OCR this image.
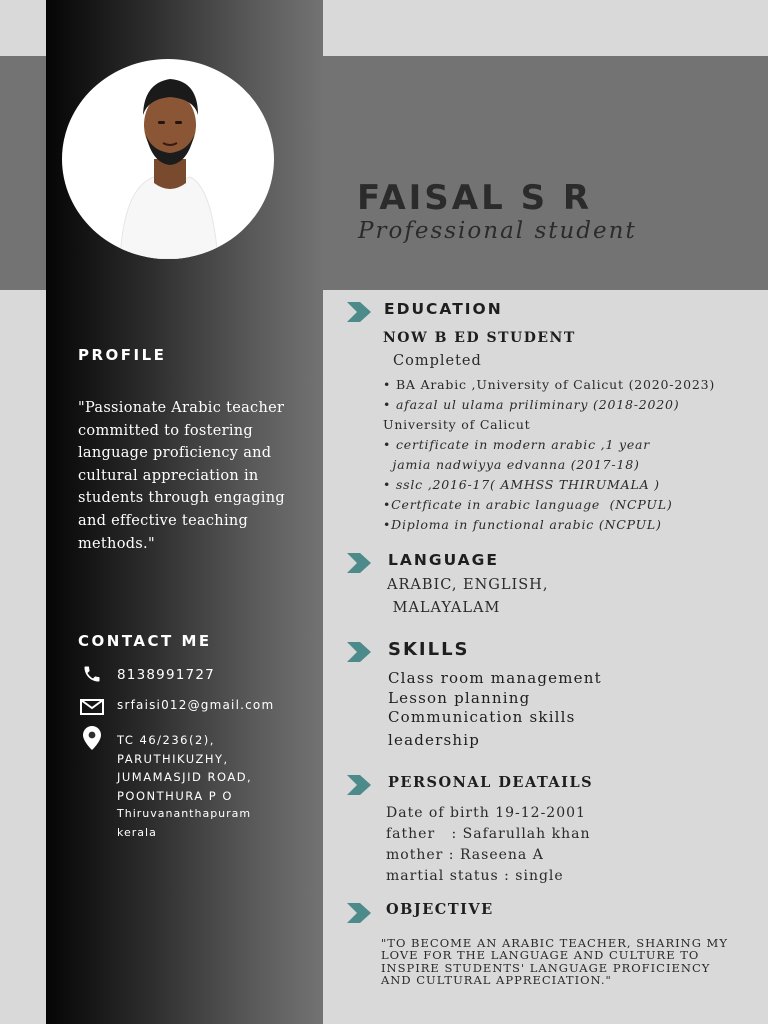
FAISAL S R
Professional student
PROFILE
"Passionate Arabic teacher committed to fostering language proficiency and cultural appreciation in students through engaging and effective teaching methods."
CONTACT ME
8138991727
srfaisi012@gmail.com
TC 46/236(2),
PARUTHIKUZHY,
JUMAMASJID ROAD,
POONTHURA P O
Thiruvananthapuram
kerala
EDUCATION
NOW B ED STUDENT
Completed
• BA Arabic ,University of Calicut (2020-2023)
• afazal ul ulama priliminary (2018-2020)
University of Calicut
• certificate in modern arabic ,1 year
jamia nadwiyya edvanna (2017-18)
• sslc ,2016-17( AMHSS THIRUMALA )
•Certficate in arabic language  (NCPUL)
•Diploma in functional arabic (NCPUL)
LANGUAGE
ARABIC, ENGLISH,
MALAYALAM
SKILLS
Class room management
Lesson planning
Communication skills
leadership
PERSONAL DEATAILS
Date of birth 19-12-2001
father   : Safarullah khan
mother : Raseena A
martial status : single
OBJECTIVE
"TO BECOME AN ARABIC TEACHER, SHARING MY LOVE FOR THE LANGUAGE AND CULTURE TO INSPIRE STUDENTS' LANGUAGE PROFICIENCY AND CULTURAL APPRECIATION."
